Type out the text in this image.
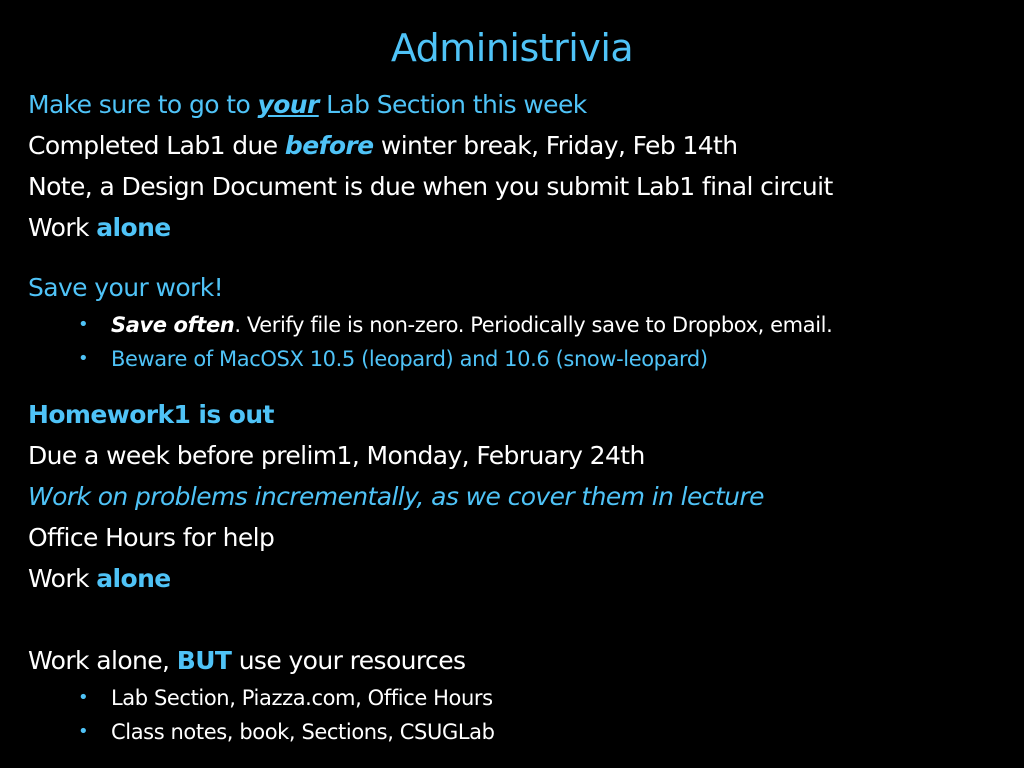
Administrivia
Make sure to go to your Lab Section this week
Completed Lab1 due before winter break, Friday, Feb 14th
Note, a Design Document is due when you submit Lab1 final circuit
Work alone
Save your work!
• Save often. Verify file is non-zero. Periodically save to Dropbox, email.
• Beware of MacOSX 10.5 (leopard) and 10.6 (snow-leopard)
Homework1 is out
Due a week before prelim1, Monday, February 24th
Work on problems incrementally, as we cover them in lecture
Office Hours for help
Work alone
Work alone, BUT use your resources
• Lab Section, Piazza.com, Office Hours
• Class notes, book, Sections, CSUGLab
